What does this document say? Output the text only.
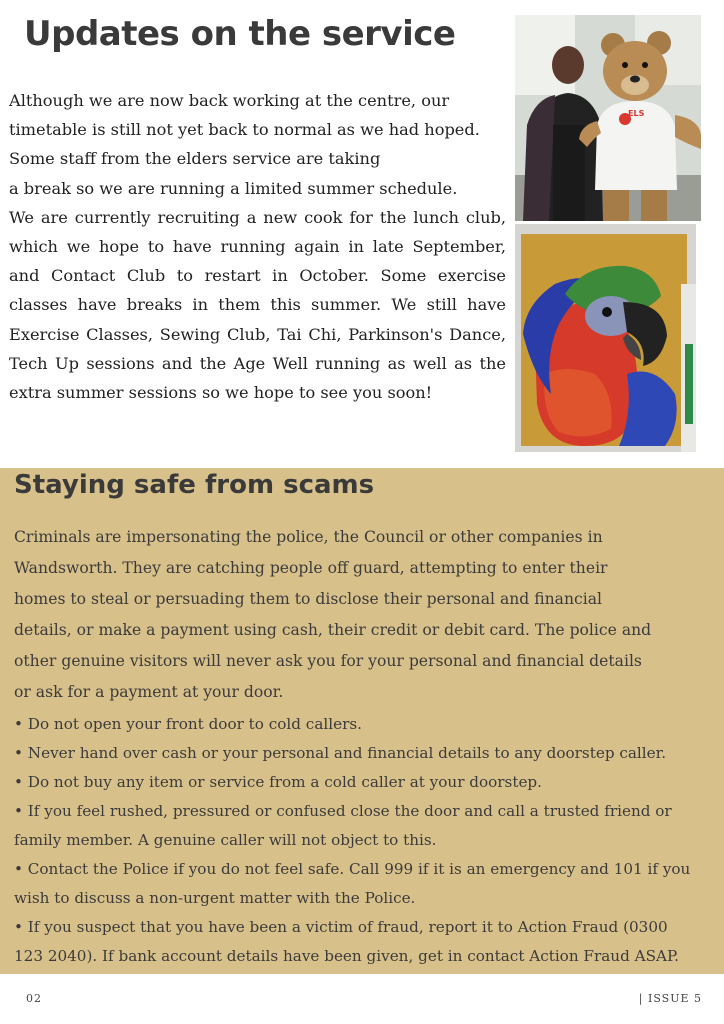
Updates on the service
Although we are now back working at the centre, our
timetable is still not yet back to normal as we had hoped.
Some staff from the elders service are taking
a break so we are running a limited summer schedule.
We are currently recruiting a new cook for the lunch club,
which we hope to have running again in late September,
and Contact Club to restart in October. Some exercise
classes have breaks in them this summer. We still have
Exercise Classes, Sewing Club, Tai Chi, Parkinson's Dance,
Tech Up sessions and the Age Well running as well as the
extra summer sessions so we hope to see you soon!
ELS
Staying safe from scams
Criminals are impersonating the police, the Council or other companies in
Wandsworth. They are catching people off guard, attempting to enter their
homes to steal or persuading them to disclose their personal and financial
details, or make a payment using cash, their credit or debit card. The police and
other genuine visitors will never ask you for your personal and financial details
or ask for a payment at your door.
• Do not open your front door to cold callers.
• Never hand over cash or your personal and financial details to any doorstep caller.
• Do not buy any item or service from a cold caller at your doorstep.
• If you feel rushed, pressured or confused close the door and call a trusted friend or
family member. A genuine caller will not object to this.
• Contact the Police if you do not feel safe. Call 999 if it is an emergency and 101 if you
wish to discuss a non-urgent matter with the Police.
• If you suspect that you have been a victim of fraud, report it to Action Fraud (0300
123 2040). If bank account details have been given, get in contact Action Fraud ASAP.
02	| ISSUE 5
